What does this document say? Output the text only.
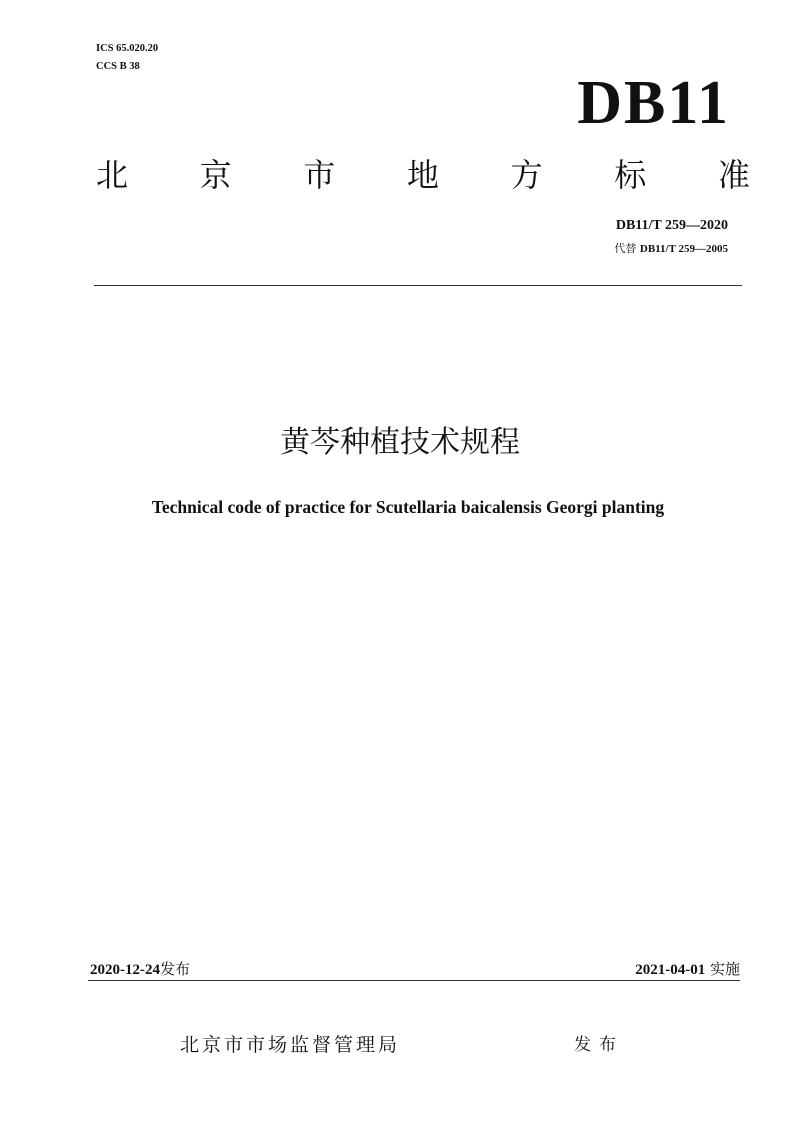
ICS 65.020.20
CCS B 38
DB11
北 京 市 地 方 标 准
DB11/T 259—2020
代替 DB11/T 259—2005
黄芩种植技术规程
Technical code of practice for Scutellaria baicalensis Georgi planting
2020-12-24发布	2021-04-01 实施
北京市市场监督管理局	发布
